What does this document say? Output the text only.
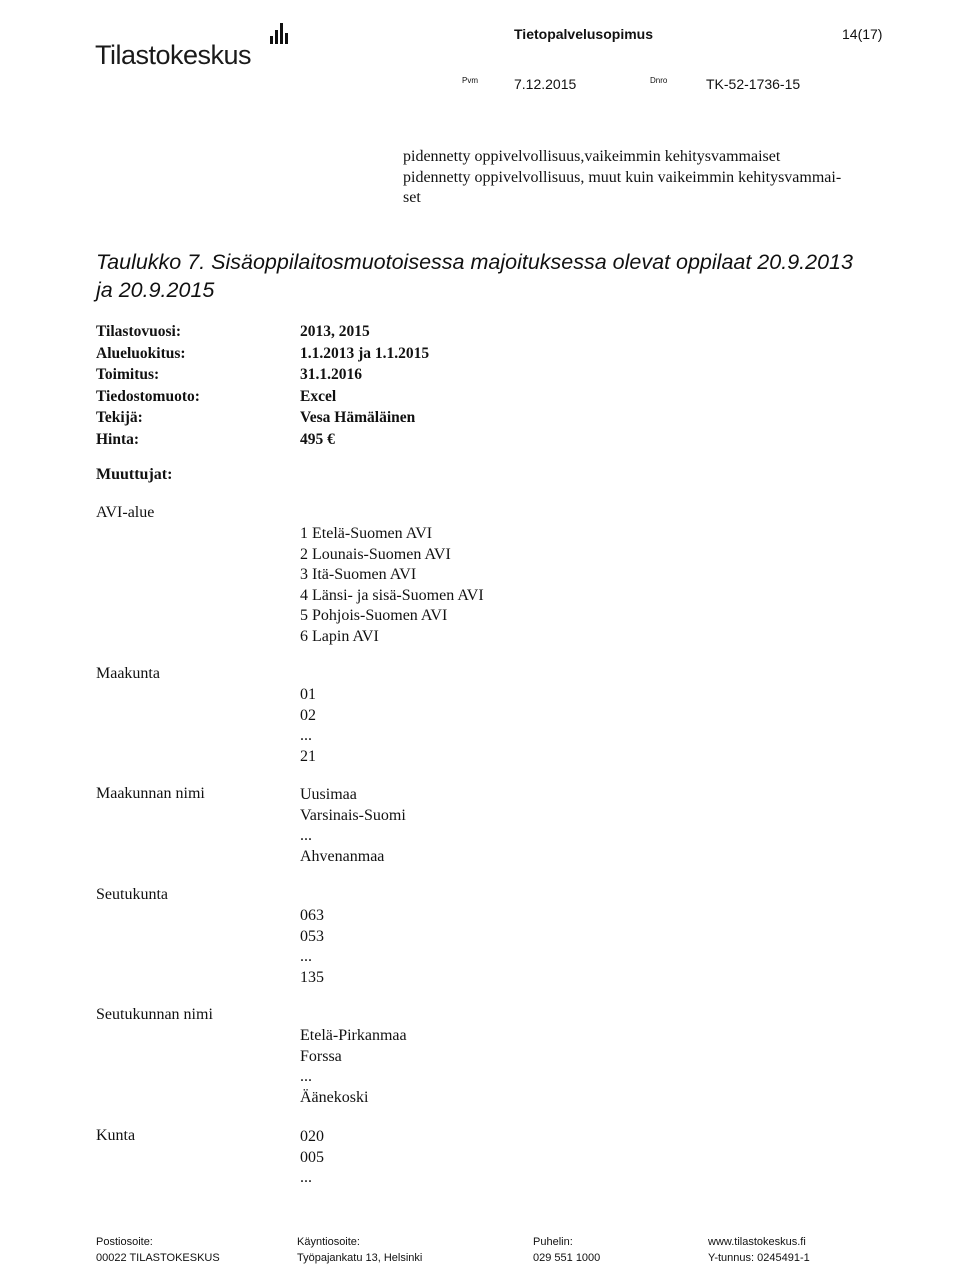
Tilastokeskus
Tietopalvelusopimus	14(17)
Pvm	7.12.2015	Dnro	TK-52-1736-15
pidennetty oppivelvollisuus,vaikeimmin kehitysvammaiset
pidennetty oppivelvollisuus, muut kuin vaikeimmin kehitysvammai-
set
Taulukko 7. Sisäoppilaitosmuotoisessa majoituksessa olevat oppilaat 20.9.2013
ja 20.9.2015
Tilastovuosi:	2013, 2015
Alueluokitus:	1.1.2013 ja 1.1.2015
Toimitus:	31.1.2016
Tiedostomuoto:	Excel
Tekijä:	Vesa Hämäläinen
Hinta:	495 €
Muuttujat:
AVI-alue
1 Etelä-Suomen AVI
2 Lounais-Suomen AVI
3 Itä-Suomen AVI
4 Länsi- ja sisä-Suomen AVI
5 Pohjois-Suomen AVI
6 Lapin AVI
Maakunta
01
02
...
21
Maakunnan nimi	Uusimaa
Varsinais-Suomi
...
Ahvenanmaa
Seutukunta
063
053
...
135
Seutukunnan nimi
Etelä-Pirkanmaa
Forssa
...
Äänekoski
Kunta	020
005
...
Postiosoite:
00022 TILASTOKESKUS
Käyntiosoite:
Työpajankatu 13, Helsinki
Puhelin:
029 551 1000
www.tilastokeskus.fi
Y-tunnus: 0245491-1
